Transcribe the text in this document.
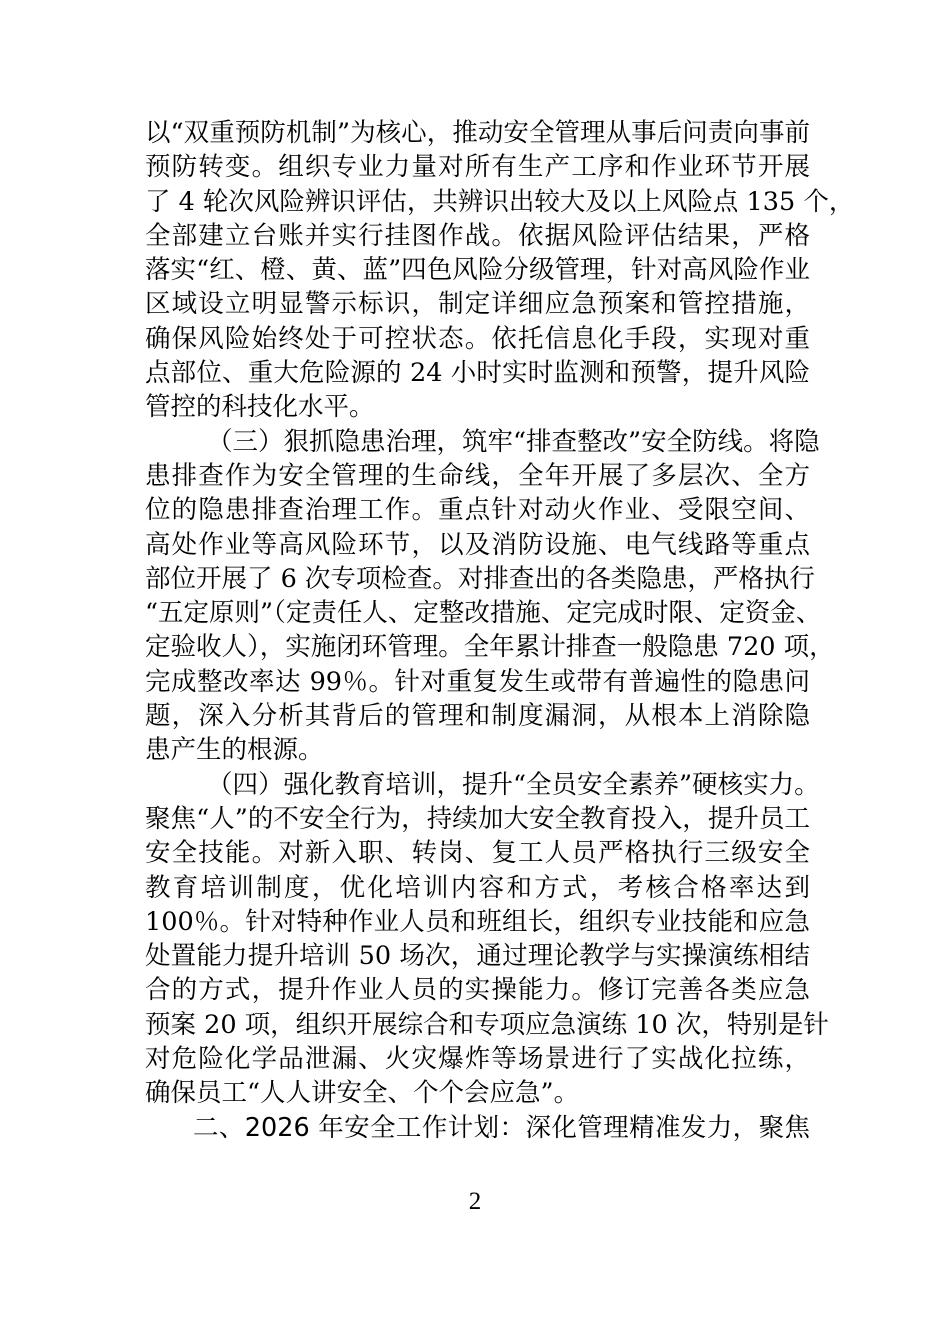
以“双重预防机制”为核心，推动安全管理从事后问责向事前
预防转变。组织专业力量对所有生产工序和作业环节开展
了 4 轮次风险辨识评估，共辨识出较大及以上风险点 135 个，
全部建立台账并实行挂图作战。依据风险评估结果，严格
落实“红、橙、黄、蓝”四色风险分级管理，针对高风险作业
区域设立明显警示标识，制定详细应急预案和管控措施，
确保风险始终处于可控状态。依托信息化手段，实现对重
点部位、重大危险源的 24 小时实时监测和预警，提升风险
管控的科技化水平。
（三）狠抓隐患治理，筑牢“排查整改”安全防线。将隐
患排查作为安全管理的生命线，全年开展了多层次、全方
位的隐患排查治理工作。重点针对动火作业、受限空间、
高处作业等高风险环节，以及消防设施、电气线路等重点
部位开展了 6 次专项检查。对排查出的各类隐患，严格执行
“五定原则”（定责任人、定整改措施、定完成时限、定资金、
定验收人），实施闭环管理。全年累计排查一般隐患 720 项，
完成整改率达 99％。针对重复发生或带有普遍性的隐患问
题，深入分析其背后的管理和制度漏洞，从根本上消除隐
患产生的根源。
（四）强化教育培训，提升“全员安全素养”硬核实力。
聚焦“人”的不安全行为，持续加大安全教育投入，提升员工
安全技能。对新入职、转岗、复工人员严格执行三级安全
教育培训制度，优化培训内容和方式，考核合格率达到
100％。针对特种作业人员和班组长，组织专业技能和应急
处置能力提升培训 50 场次，通过理论教学与实操演练相结
合的方式，提升作业人员的实操能力。修订完善各类应急
预案 20 项，组织开展综合和专项应急演练 10 次，特别是针
对危险化学品泄漏、火灾爆炸等场景进行了实战化拉练，
确保员工“人人讲安全、个个会应急”。
二、2026 年安全工作计划：深化管理精准发力，聚焦
2
